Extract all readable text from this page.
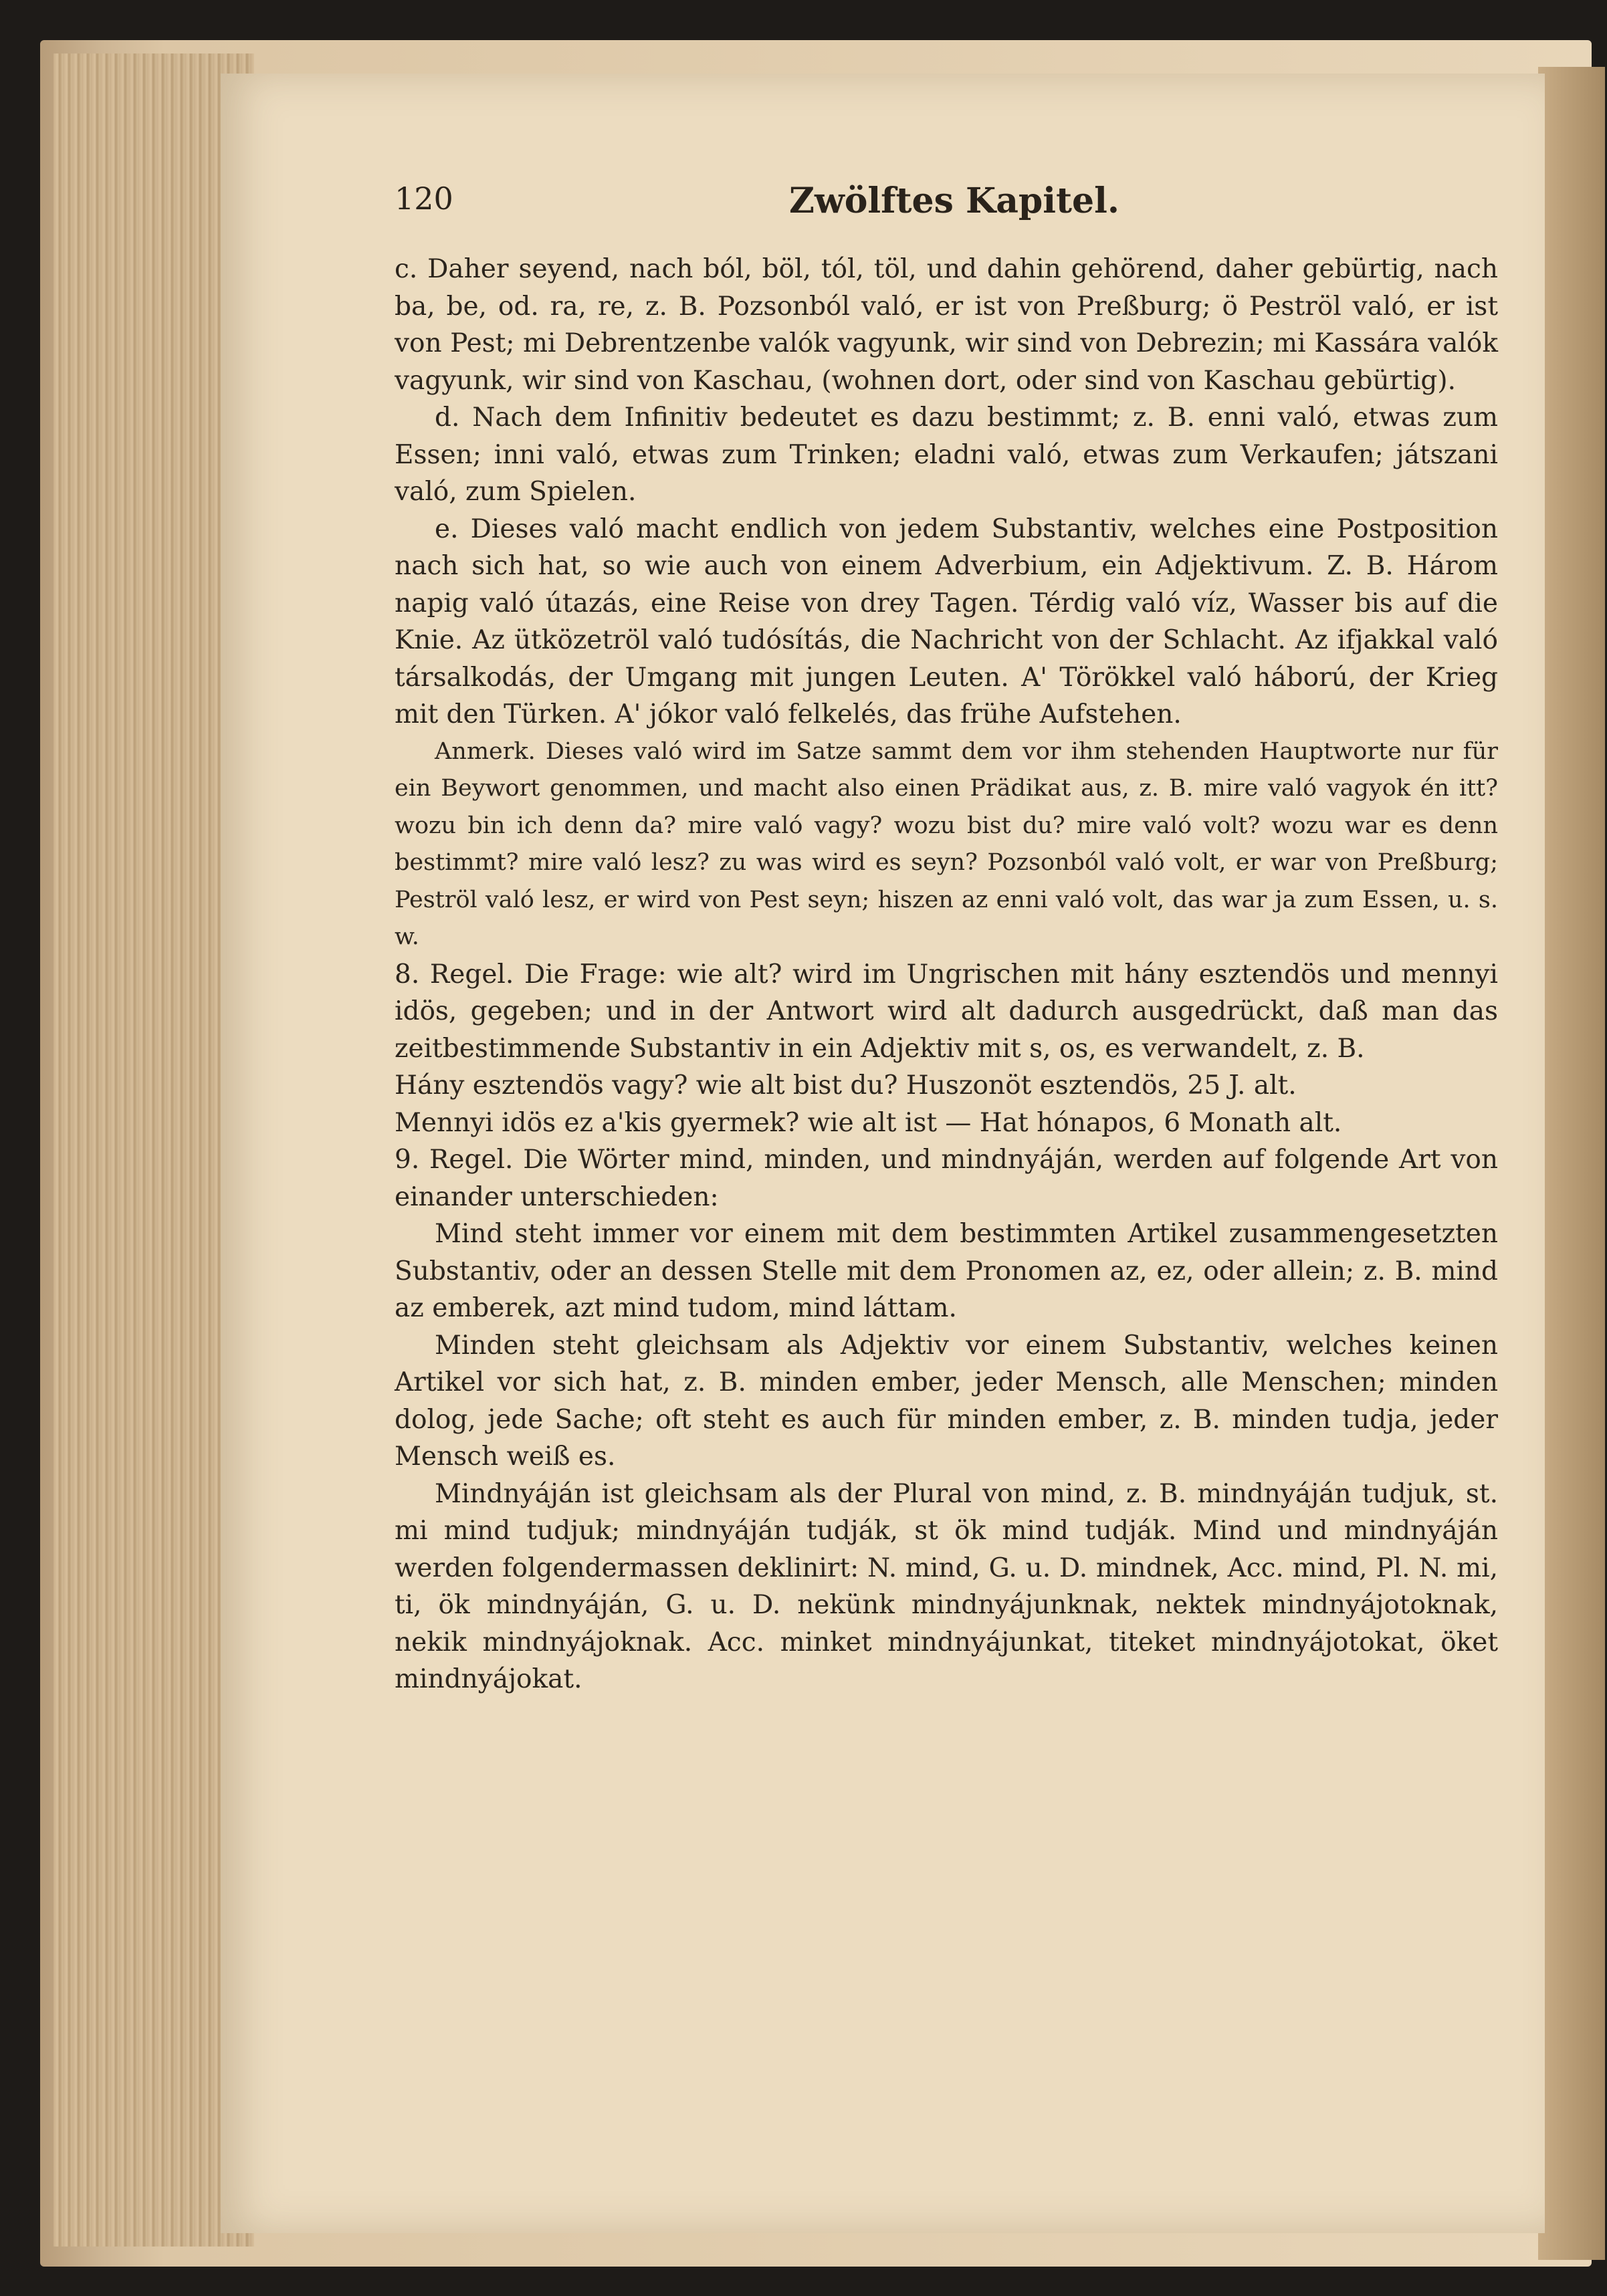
120	Zwölftes Kapitel.

c. Daher seyend, nach ból, böl, tól, töl, und dahin gehörend, daher gebürtig, nach ba, be, od. ra, re, z. B. Pozsonból való, er ist von Preßburg; ö Peströl való, er ist von Pest; mi Debrentzenbe valók vagyunk, wir sind von Debrezin; mi Kassára valók vagyunk, wir sind von Kaschau, (wohnen dort, oder sind von Kaschau gebürtig).

d. Nach dem Infinitiv bedeutet es dazu bestimmt; z. B. enni való, etwas zum Essen; inni való, etwas zum Trinken; eladni való, etwas zum Verkaufen; játszani való, zum Spielen.

e. Dieses való macht endlich von jedem Substantiv, welches eine Postposition nach sich hat, so wie auch von einem Adverbium, ein Adjektivum. Z. B. Három napig való útazás, eine Reise von drey Tagen. Térdig való víz, Wasser bis auf die Knie. Az ütközetröl való tudósítás, die Nachricht von der Schlacht. Az ifjakkal való társalkodás, der Umgang mit jungen Leuten. A' Törökkel való háború, der Krieg mit den Türken. A' jókor való felkelés, das frühe Aufstehen.

Anmerk. Dieses való wird im Satze sammt dem vor ihm stehenden Hauptworte nur für ein Beywort genommen, und macht also einen Prädikat aus, z. B. mire való vagyok én itt? wozu bin ich denn da? mire való vagy? wozu bist du? mire való volt? wozu war es denn bestimmt? mire való lesz? zu was wird es seyn? Pozsonból való volt, er war von Preßburg; Peströl való lesz, er wird von Pest seyn; hiszen az enni való volt, das war ja zum Essen, u. s. w.

8. Regel. Die Frage: wie alt? wird im Ungrischen mit hány esztendös und mennyi idös, gegeben; und in der Antwort wird alt dadurch ausgedrückt, daß man das zeitbestimmende Substantiv in ein Adjektiv mit s, os, es verwandelt, z. B.

Hány esztendös vagy? wie alt bist du? Huszonöt esztendös, 25 J. alt.

Mennyi idös ez a'kis gyermek? wie alt ist — Hat hónapos, 6 Monath alt.

9. Regel. Die Wörter mind, minden, und mindnyáján, werden auf folgende Art von einander unterschieden:

Mind steht immer vor einem mit dem bestimmten Artikel zusammengesetzten Substantiv, oder an dessen Stelle mit dem Pronomen az, ez, oder allein; z. B. mind az emberek, azt mind tudom, mind láttam.

Minden steht gleichsam als Adjektiv vor einem Substantiv, welches keinen Artikel vor sich hat, z. B. minden ember, jeder Mensch, alle Menschen; minden dolog, jede Sache; oft steht es auch für minden ember, z. B. minden tudja, jeder Mensch weiß es.

Mindnyáján ist gleichsam als der Plural von mind, z. B. mindnyáján tudjuk, st. mi mind tudjuk; mindnyáján tudják, st ök mind tudják. Mind und mindnyáján werden folgendermassen deklinirt: N. mind, G. u. D. mindnek, Acc. mind, Pl. N. mi, ti, ök mindnyáján, G. u. D. nekünk mindnyájunknak, nektek mindnyájotoknak, nekik mindnyájoknak. Acc. minket mindnyájunkat, titeket mindnyájotokat, öket mindnyájokat.
